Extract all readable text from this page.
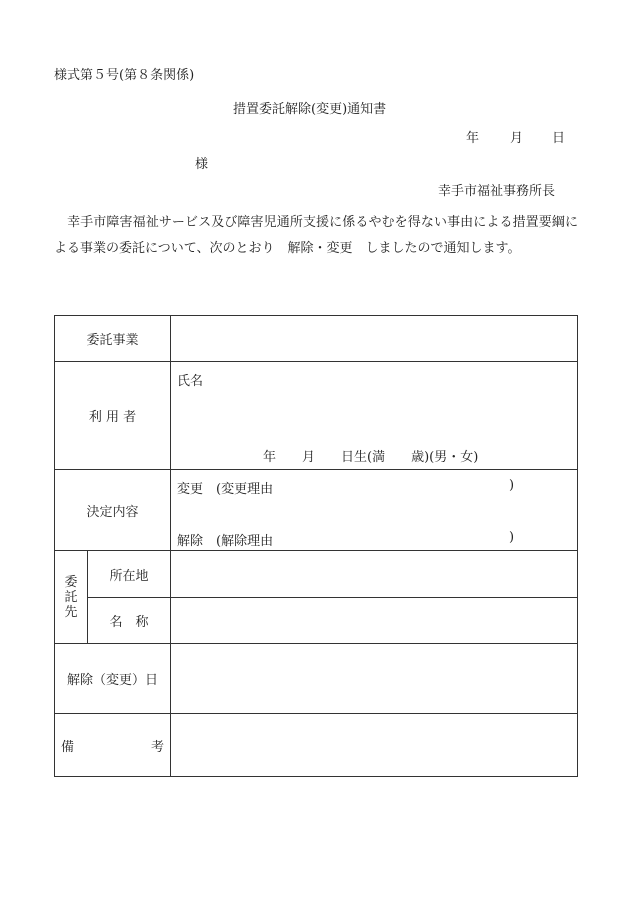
様式第５号(第８条関係)
措置委託解除(変更)通知書
年 月 日
様
幸手市福祉事務所長
　幸手市障害福祉サービス及び障害児通所支援に係るやむを得ない事由による措置要綱による事業の委託について、次のとおり　解除・変更　しましたので通知します。
委託事業		
利 用 者		氏名
年　　月　　日生(満　　歳)(男・女)

決定内容		変更　(変更理由 )
解除　(解除理由 )

委託先	所在地	
	名　称	
解除（変更）日		

備 考		
